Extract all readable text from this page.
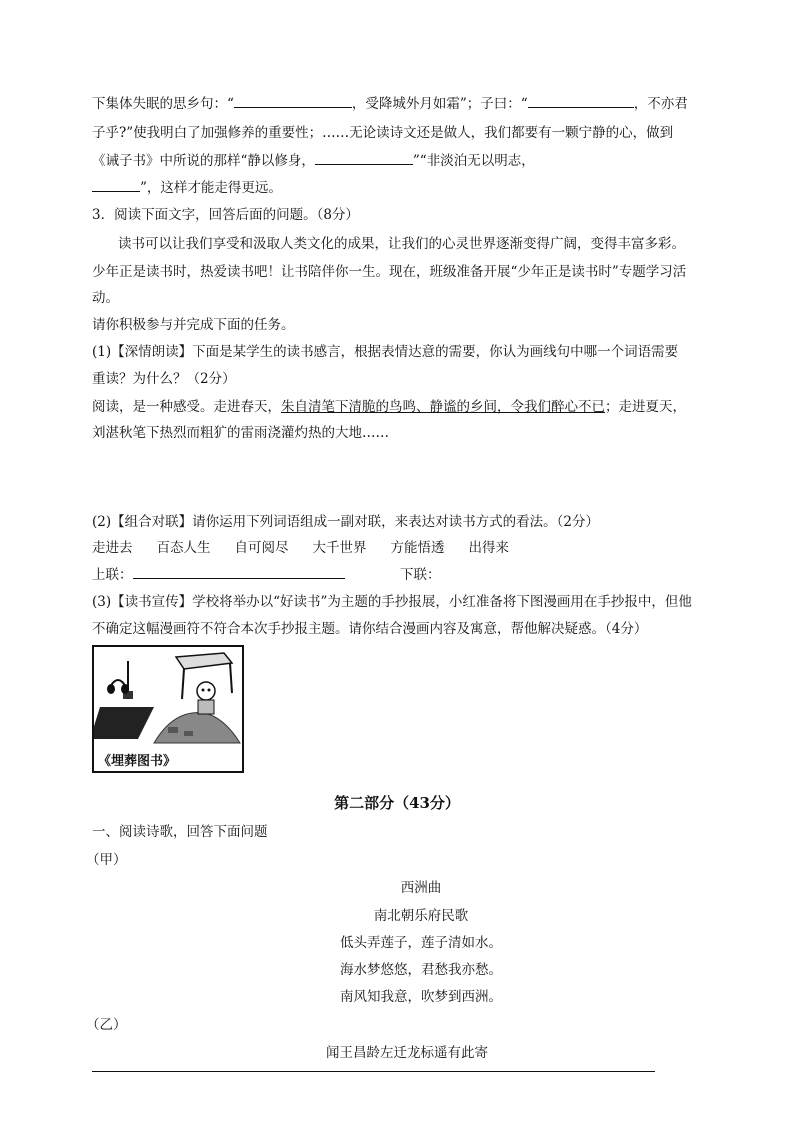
下集体失眠的思乡句：“	，受降城外月如霜”；子曰：“	，不亦君
子乎?”使我明白了加强修养的重要性；……无论读诗文还是做人，我们都要有一颗宁静的心，做到
《诫子书》中所说的那样“静以修身，	”“非淡泊无以明志，
”，这样才能走得更远。
3．阅读下面文字，回答后面的问题。（8分）
读书可以让我们享受和汲取人类文化的成果，让我们的心灵世界逐渐变得广阔，变得丰富多彩。
少年正是读书时，热爱读书吧！让书陪伴你一生。现在，班级准备开展“少年正是读书时”专题学习活
动。
请你积极参与并完成下面的任务。
(1)【深情朗读】下面是某学生的读书感言，根据表情达意的需要，你认为画线句中哪一个词语需要
重读？为什么？（2分）
阅读，是一种感受。走进春天，朱自清笔下清脆的鸟鸣、静谧的乡间，令我们醉心不已；走进夏天，
刘湛秋笔下热烈而粗犷的雷雨浇灌灼热的大地……
(2)【组合对联】请你运用下列词语组成一副对联，来表达对读书方式的看法。（2分）
走进去 百态人生 自可阅尽 大千世界 方能悟透 出得来
上联：	下联：
(3)【读书宣传】学校将举办以“好读书”为主题的手抄报展，小红准备将下图漫画用在手抄报中，但他
不确定这幅漫画符不符合本次手抄报主题。请你结合漫画内容及寓意，帮他解决疑惑。（4分）
《埋葬图书》
第二部分（43分）
一、阅读诗歌，回答下面问题
（甲）
西洲曲
南北朝乐府民歌
低头弄莲子，莲子清如水。
海水梦悠悠，君愁我亦愁。
南风知我意，吹梦到西洲。
（乙）
闻王昌龄左迁龙标遥有此寄
